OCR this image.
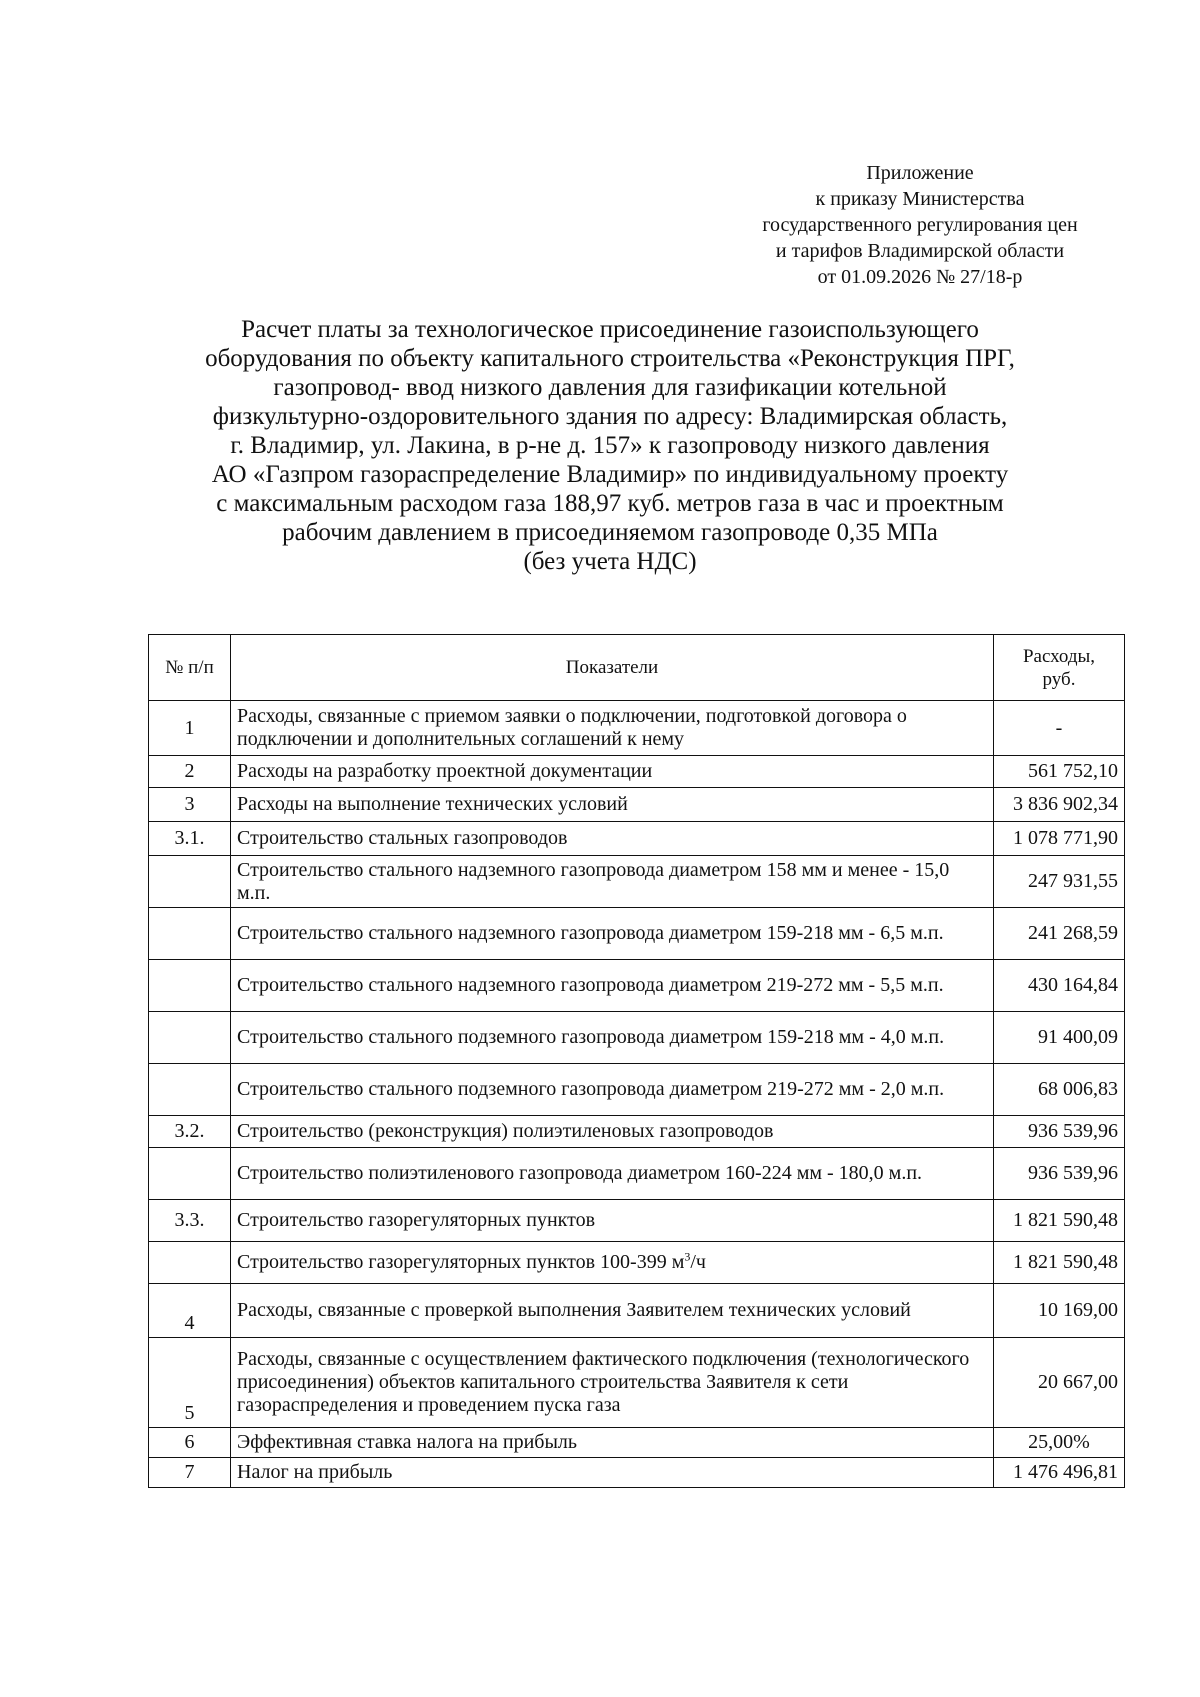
Приложение
к приказу Министерства
государственного регулирования цен
и тарифов Владимирской области
от 01.09.2026 № 27/18-р
Расчет платы за технологическое присоединение газоиспользующего
оборудования по объекту капитального строительства «Реконструкция ПРГ,
газопровод- ввод низкого давления для газификации котельной
физкультурно-оздоровительного здания по адресу: Владимирская область,
г. Владимир, ул. Лакина, в р-не д. 157» к газопроводу низкого давления
АО «Газпром газораспределение Владимир» по индивидуальному проекту
с максимальным расходом газа 188,97 куб. метров газа в час и проектным
рабочим давлением в присоединяемом газопроводе 0,35 МПа
(без учета НДС)
№ п/п	Показатели	Расходы,
руб.

1	Расходы, связанные с приемом заявки о подключении, подготовкой договора о подключении и дополнительных соглашений к нему	-
2	Расходы на разработку проектной документации	561 752,10
3	Расходы на выполнение технических условий	3 836 902,34
3.1.	Строительство стальных газопроводов	1 078 771,90
	Строительство стального надземного газопровода диаметром 158 мм и менее - 15,0 м.п.	247 931,55
	Строительство стального надземного газопровода диаметром 159-218 мм - 6,5 м.п.	241 268,59
	Строительство стального надземного газопровода диаметром 219-272 мм - 5,5 м.п.	430 164,84
	Строительство стального подземного газопровода диаметром 159-218 мм - 4,0 м.п.	91 400,09
	Строительство стального подземного газопровода диаметром 219-272 мм - 2,0 м.п.	68 006,83
3.2.	Строительство (реконструкция) полиэтиленовых газопроводов	936 539,96
	Строительство полиэтиленового газопровода диаметром 160-224 мм - 180,0 м.п.	936 539,96
3.3.	Строительство газорегуляторных пунктов	1 821 590,48
	Строительство газорегуляторных пунктов 100-399 $м^3/ч$	1 821 590,48
4	Расходы, связанные с проверкой выполнения Заявителем технических условий	10 169,00
5	Расходы, связанные с осуществлением фактического подключения (технологического присоединения) объектов капитального строительства Заявителя к сети газораспределения и проведением пуска газа	20 667,00
6	Эффективная ставка налога на прибыль	25,00%
7	Налог на прибыль	1 476 496,81
